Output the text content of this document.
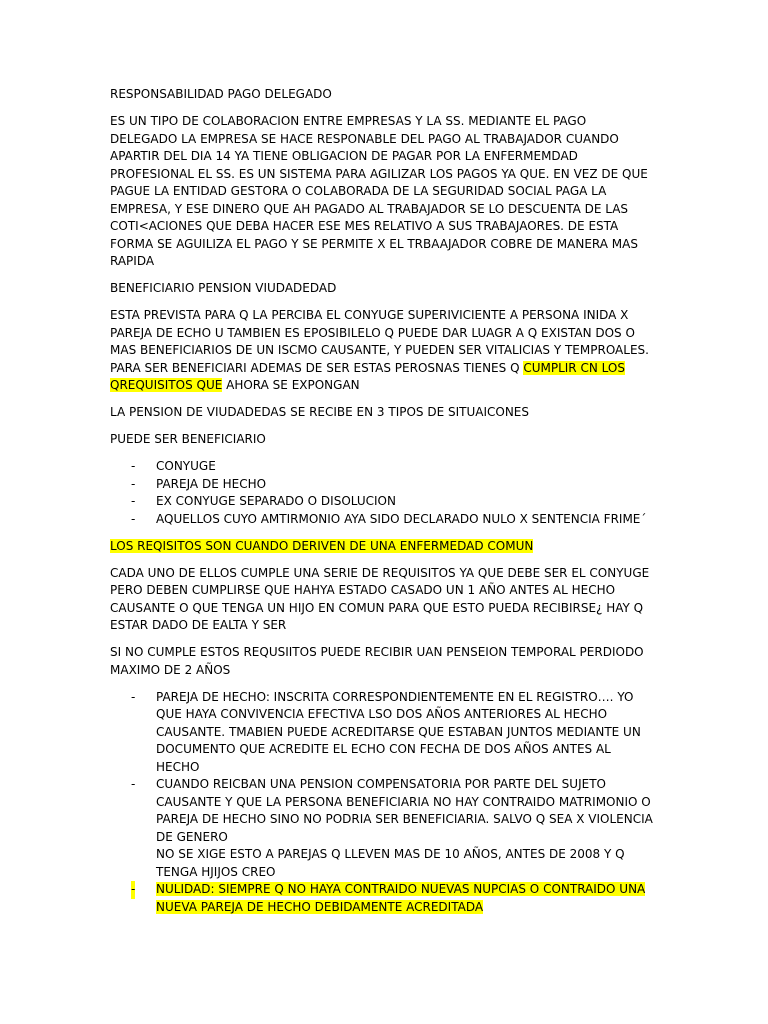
RESPONSABILIDAD PAGO DELEGADO

ES UN TIPO DE COLABORACION ENTRE EMPRESAS Y LA SS. MEDIANTE EL PAGO DELEGADO LA EMPRESA SE HACE RESPONABLE DEL PAGO AL TRABAJADOR CUANDO APARTIR DEL DIA 14 YA TIENE OBLIGACION DE PAGAR POR LA ENFERMEMDAD PROFESIONAL EL SS. ES UN SISTEMA PARA AGILIZAR LOS PAGOS YA QUE. EN VEZ DE QUE PAGUE LA ENTIDAD GESTORA O COLABORADA DE LA SEGURIDAD SOCIAL PAGA LA EMPRESA, Y ESE DINERO QUE AH PAGADO AL TRABAJADOR SE LO DESCUENTA DE LAS COTI<ACIONES QUE DEBA HACER ESE MES RELATIVO A SUS TRABAJAORES. DE ESTA FORMA SE AGUILIZA EL PAGO Y SE PERMITE X EL TRBAAJADOR COBRE DE MANERA MAS RAPIDA

BENEFICIARIO PENSION VIUDADEDAD

ESTA PREVISTA PARA Q LA PERCIBA EL CONYUGE SUPERIVICIENTE A PERSONA INIDA X PAREJA DE ECHO U TAMBIEN ES EPOSIBILELO Q PUEDE DAR LUAGR A Q EXISTAN DOS O MAS BENEFICIARIOS DE UN ISCMO CAUSANTE, Y PUEDEN SER VITALICIAS Y TEMPROALES. PARA SER BENEFICIARI ADEMAS DE SER ESTAS PEROSNAS TIENES Q CUMPLIR CN LOS QREQUISITOS QUE AHORA SE EXPONGAN

LA PENSION DE VIUDADEDAS SE RECIBE EN 3 TIPOS DE SITUAICONES

PUEDE SER BENEFICIARIO

- CONYUGE
- PAREJA DE HECHO
- EX CONYUGE SEPARADO O DISOLUCION
- AQUELLOS CUYO AMTIRMONIO AYA SIDO DECLARADO NULO X SENTENCIA FRIME´

LOS REQISITOS SON CUANDO DERIVEN DE UNA ENFERMEDAD COMUN

CADA UNO DE ELLOS CUMPLE UNA SERIE DE REQUISITOS YA QUE DEBE SER EL CONYUGE PERO DEBEN CUMPLIRSE QUE HAHYA ESTADO CASADO UN 1 AÑO ANTES AL HECHO CAUSANTE O QUE TENGA UN HIJO EN COMUN PARA QUE ESTO PUEDA RECIBIRSE¿ HAY Q ESTAR DADO DE EALTA Y SER

SI NO CUMPLE ESTOS REQUSIITOS PUEDE RECIBIR UAN PENSEION TEMPORAL PERDIODO MAXIMO DE 2 AÑOS

- PAREJA DE HECHO: INSCRITA CORRESPONDIENTEMENTE EN EL REGISTRO…. YO QUE HAYA CONVIVENCIA EFECTIVA LSO DOS AÑOS ANTERIORES AL HECHO CAUSANTE. TMABIEN PUEDE ACREDITARSE QUE ESTABAN JUNTOS MEDIANTE UN DOCUMENTO QUE ACREDITE EL ECHO CON FECHA DE DOS AÑOS ANTES AL HECHO
- CUANDO REICBAN UNA PENSION COMPENSATORIA POR PARTE DEL SUJETO CAUSANTE Y QUE LA PERSONA BENEFICIARIA NO HAY CONTRAIDO MATRIMONIO O PAREJA DE HECHO SINO NO PODRIA SER BENEFICIARIA. SALVO Q SEA X VIOLENCIA DE GENERO
NO SE XIGE ESTO A PAREJAS Q LLEVEN MAS DE 10 AÑOS, ANTES DE 2008 Y Q TENGA HJIJOS CREO
- NULIDAD: SIEMPRE Q NO HAYA CONTRAIDO NUEVAS NUPCIAS O CONTRAIDO UNA NUEVA PAREJA DE HECHO DEBIDAMENTE ACREDITADA
